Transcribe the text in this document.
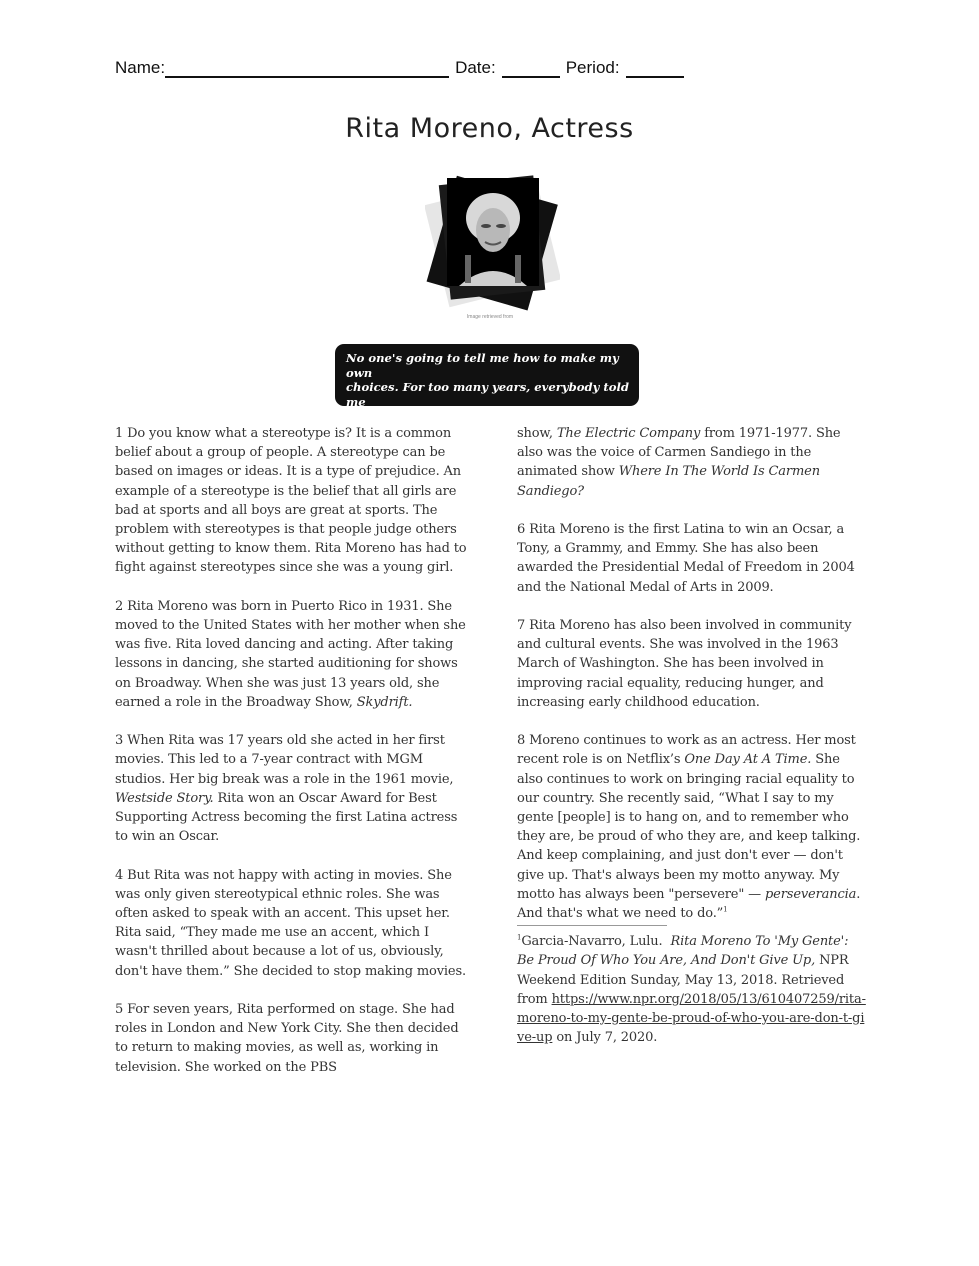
Name:	Date:	Period:
Rita Moreno, Actress
Image retrieved from
No one's going to tell me how to make my own
choices. For too many years, everybody told me
what to say and what to do and how to be.

1 Do you know what a stereotype is? It is a common belief about a group of people. A stereotype can be based on images or ideas. It is a type of prejudice. An example of a stereotype is the belief that all girls are bad at sports and all boys are great at sports. The problem with stereotypes is that people judge others without getting to know them. Rita Moreno has had to fight against stereotypes since she was a young girl.

2 Rita Moreno was born in Puerto Rico in 1931. She moved to the United States with her mother when she was five. Rita loved dancing and acting. After taking lessons in dancing, she started auditioning for shows on Broadway. When she was just 13 years old, she earned a role in the Broadway Show, Skydrift.

3 When Rita was 17 years old she acted in her first movies. This led to a 7-year contract with MGM studios. Her big break was a role in the 1961 movie, Westside Story. Rita won an Oscar Award for Best Supporting Actress becoming the first Latina actress to win an Oscar.

4 But Rita was not happy with acting in movies. She was only given stereotypical ethnic roles. She was often asked to speak with an accent. This upset her. Rita said, “They made me use an accent, which I wasn't thrilled about because a lot of us, obviously, don't have them.” She decided to stop making movies.

5 For seven years, Rita performed on stage. She had roles in London and New York City. She then decided to return to making movies, as well as, working in television. She worked on the PBS

show, The Electric Company from 1971-1977. She also was the voice of Carmen Sandiego in the animated show Where In The World Is Carmen Sandiego?

6 Rita Moreno is the first Latina to win an Ocsar, a Tony, a Grammy, and Emmy. She has also been awarded the Presidential Medal of Freedom in 2004 and the National Medal of Arts in 2009.

7 Rita Moreno has also been involved in community and cultural events. She was involved in the 1963 March of Washington. She has been involved in improving racial equality, reducing hunger, and increasing early childhood education.

8 Moreno continues to work as an actress. Her most recent role is on Netflix’s One Day At A Time. She also continues to work on bringing racial equality to our country. She recently said, “What I say to my gente [people] is to hang on, and to remember who they are, be proud of who they are, and keep talking. And keep complaining, and just don't ever — don't give up. That's always been my motto anyway. My motto has always been "persevere" — perseverancia. And that's what we need to do.”$^1$

$^1$Garcia-Navarro, Lulu. Rita Moreno To 'My Gente': Be Proud Of Who You Are, And Don't Give Up, NPR Weekend Edition Sunday, May 13, 2018. Retrieved from https://www.npr.org/2018/05/13/610407259/rita-moreno-to-my-gente-be-proud-of-who-you-are-don-t-give-up on July 7, 2020.
